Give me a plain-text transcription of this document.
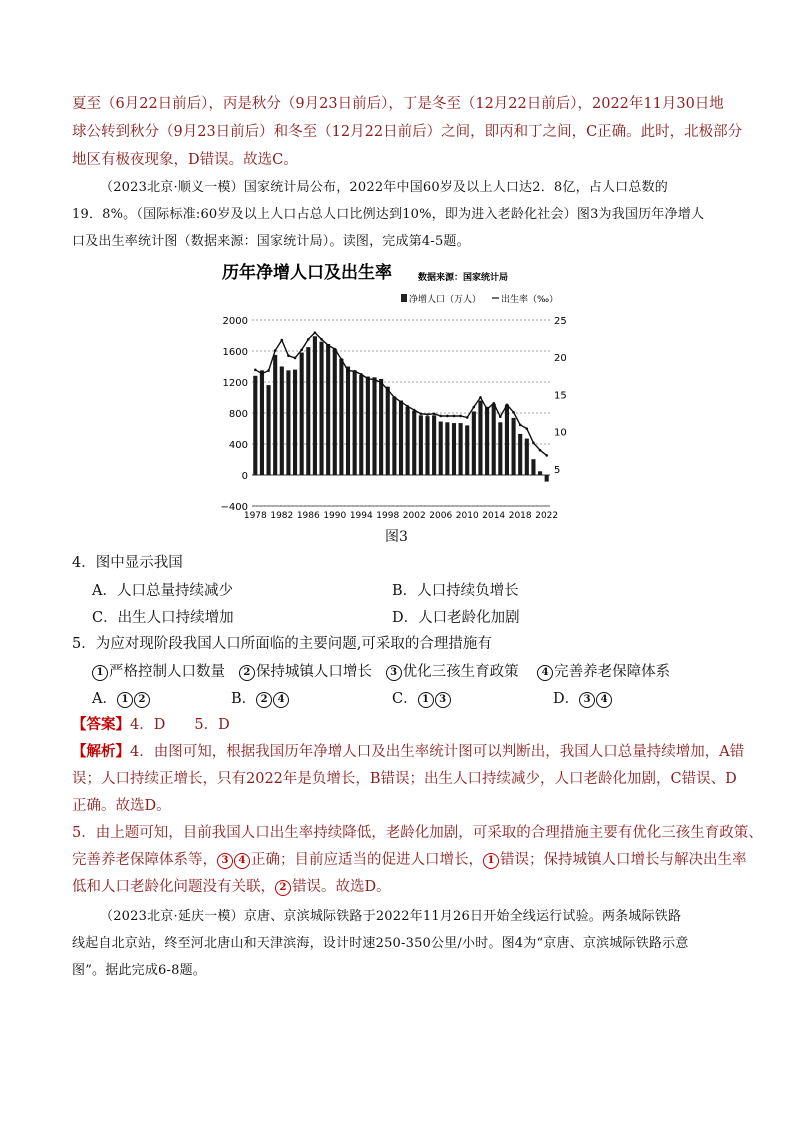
夏至（6月22日前后），丙是秋分（9月23日前后），丁是冬至（12月22日前后），2022年11月30日地
球公转到秋分（9月23日前后）和冬至（12月22日前后）之间，即丙和丁之间，C正确。此时，北极部分
地区有极夜现象，D错误。故选C。
（2023北京·顺义一模）国家统计局公布，2022年中国60岁及以上人口达2．8亿，占人口总数的
19．8%。（国际标准:60岁及以上人口占总人口比例达到10%，即为进入老龄化社会）图3为我国历年净增人
口及出生率统计图（数据来源：国家统计局）。读图，完成第4-5题。
历年净增人口及出生率	数据来源：国家统计局
净增人口（万人） 出生率（‰）
2000
1600
1200
800
400
0
−400
25
20
15
10
5
1978 1982 1986 1990 1994 1998 2002 2006 2010 2014 2018 2022
图3
4．图中显示我国
A．人口总量持续减少	B．人口持续负增长
C．出生人口持续增加	D．人口老龄化加剧
5．为应对现阶段我国人口所面临的主要问题,可采取的合理措施有
1 严格控制人口数量 2 保持城镇人口增长 3 优化三孩生育政策 4 完善养老保障体系
A． 1 2	B． 2 4	C． 1 3	D． 3 4
【答案】4．D　　5．D
【解析】4．由图可知，根据我国历年净增人口及出生率统计图可以判断出，我国人口总量持续增加，A错
误；人口持续正增长，只有2022年是负增长，B错误；出生人口持续减少，人口老龄化加剧，C错误、D
正确。故选D。
5．由上题可知，目前我国人口出生率持续降低，老龄化加剧，可采取的合理措施主要有优化三孩生育政策、
完善养老保障体系等， 3 4 正确；目前应适当的促进人口增长， 1 错误；保持城镇人口增长与解决出生率
低和人口老龄化问题没有关联， 2 错误。故选D。
（2023北京·延庆一模）京唐、京滨城际铁路于2022年11月26日开始全线运行试验。两条城际铁路
线起自北京站，终至河北唐山和天津滨海，设计时速250-350公里/小时。图4为“京唐、京滨城际铁路示意
图”。据此完成6-8题。
